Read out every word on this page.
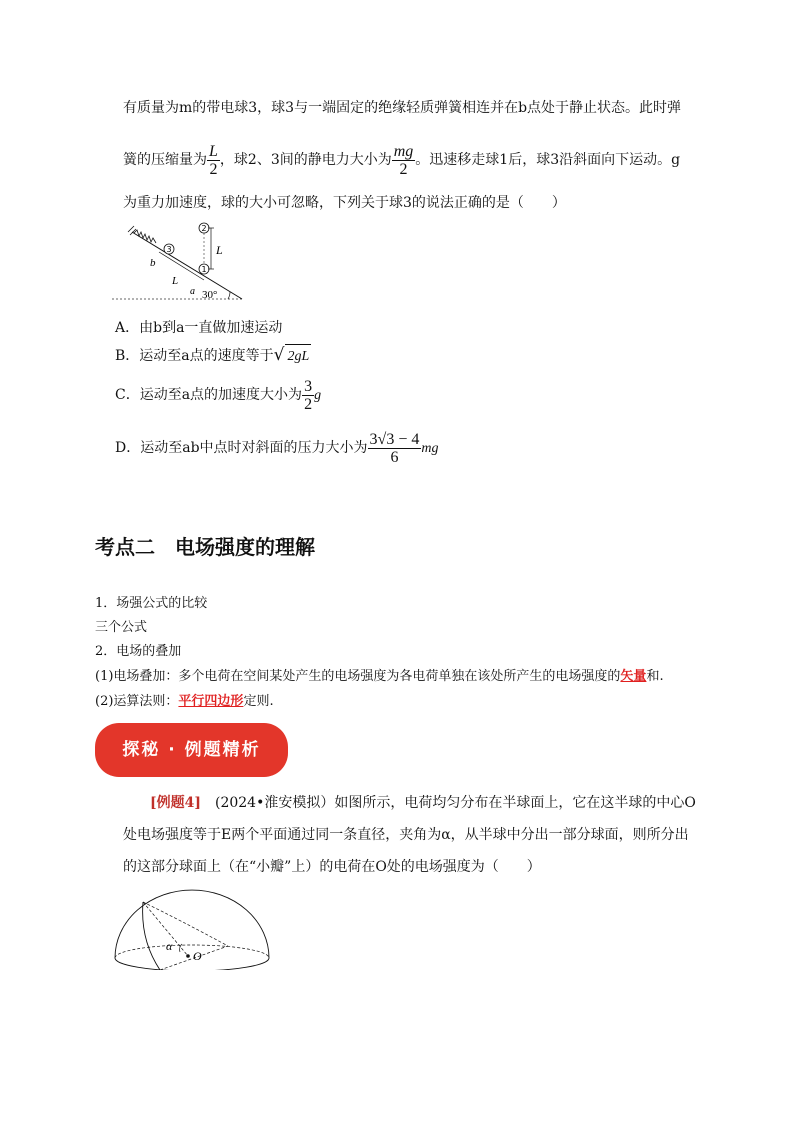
有质量为m的带电球3，球3与一端固定的绝缘轻质弹簧相连并在b点处于静止状态。此时弹
簧的压缩量为 $\frac{L}{2}$ ，球2、3间的静电力大小为 $\frac{mg}{2}$ 。迅速移走球1后，球3沿斜面向下运动。g
为重力加速度，球的大小可忽略，下列关于球3的说法正确的是（　　）
3
b
L
a
1
2
L
30°
A．由b到a一直做加速运动
B．运动至a点的速度等于√ 2gL
C．运动至a点的加速度大小为 $\frac{3}{2}$ g
D．运动至ab中点时对斜面的压力大小为 $\frac{3√3 - 4}{6}$ mg
考点二　电场强度的理解
1．场强公式的比较
三个公式
2．电场的叠加
(1)电场叠加：多个电荷在空间某处产生的电场强度为各电荷单独在该处所产生的电场强度的矢量和.
(2)运算法则：平行四边形定则.
探秘 · 例题精析
[例题4]　(2024•淮安模拟）如图所示，电荷均匀分布在半球面上，它在这半球的中心O
处电场强度等于E两个平面通过同一条直径，夹角为α，从半球中分出一部分球面，则所分出
的这部分球面上（在“小瓣”上）的电荷在O处的电场强度为（　　）
α
O
